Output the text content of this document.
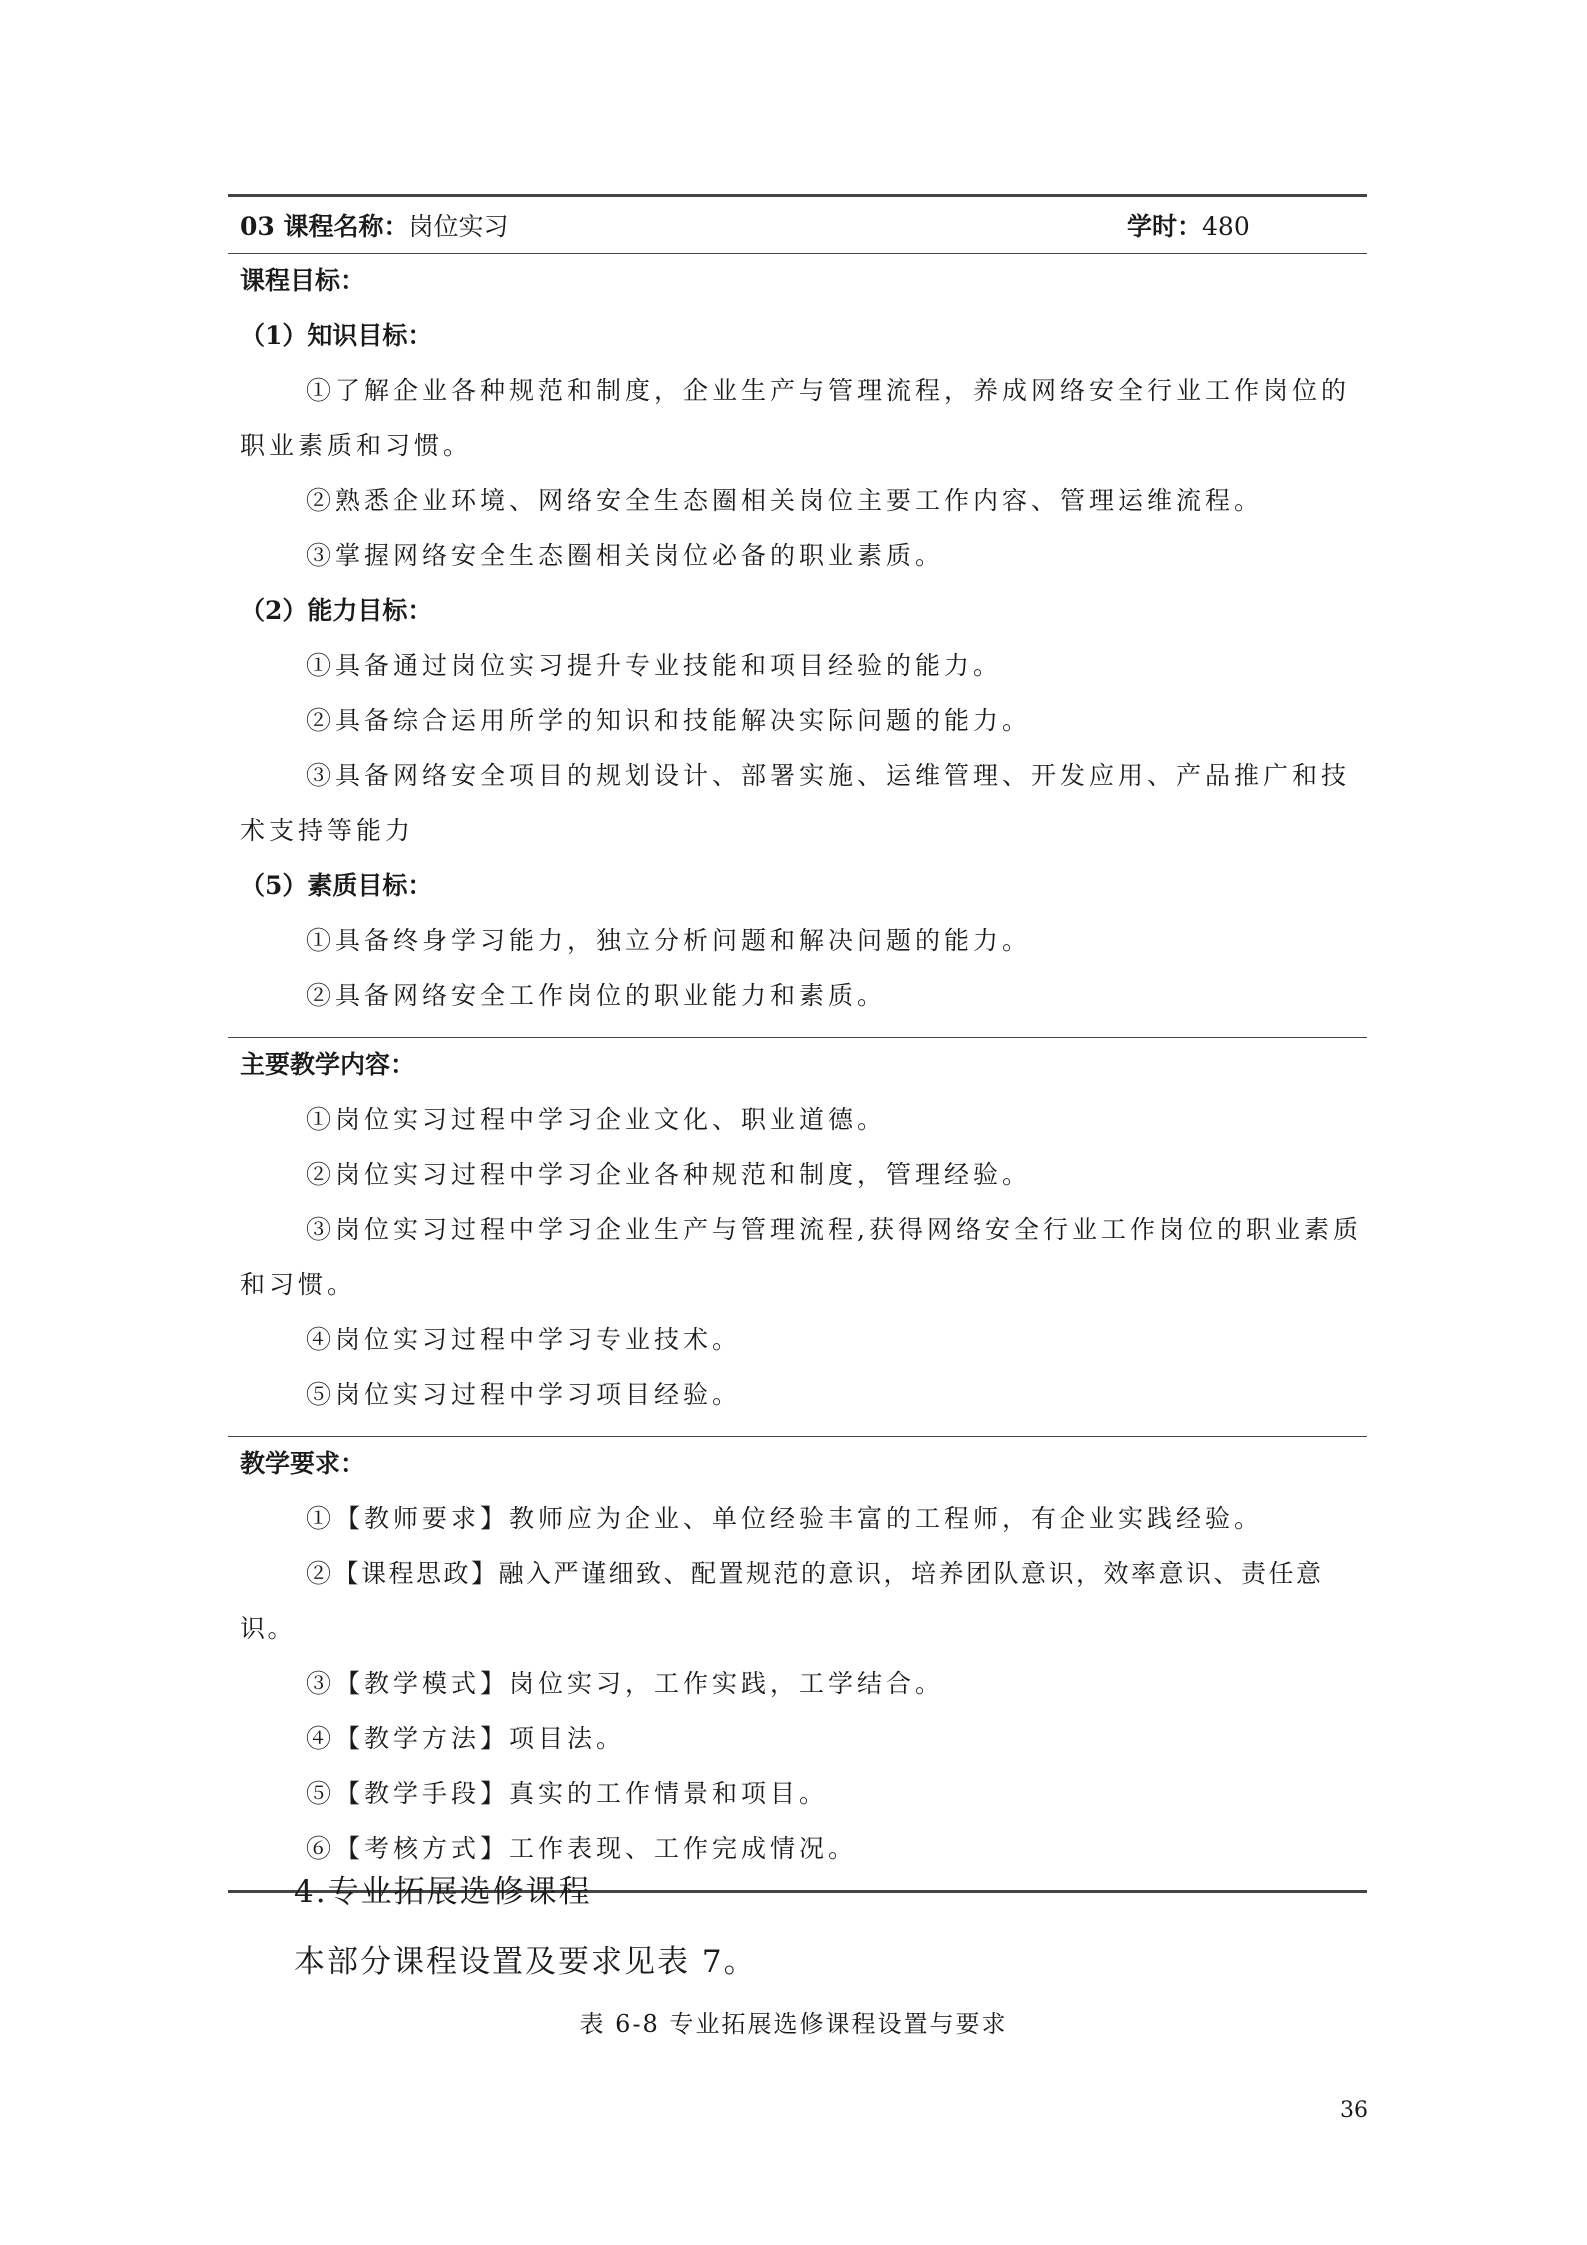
03 课程名称：岗位实习	学时：480
课程目标：
（1）知识目标：
①了解企业各种规范和制度，企业生产与管理流程，养成网络安全行业工作岗位的职业素质和习惯。
②熟悉企业环境、网络安全生态圈相关岗位主要工作内容、管理运维流程。
③掌握网络安全生态圈相关岗位必备的职业素质。
（2）能力目标：
①具备通过岗位实习提升专业技能和项目经验的能力。
②具备综合运用所学的知识和技能解决实际问题的能力。
③具备网络安全项目的规划设计、部署实施、运维管理、开发应用、产品推广和技术支持等能力
（5）素质目标：
①具备终身学习能力，独立分析问题和解决问题的能力。
②具备网络安全工作岗位的职业能力和素质。
主要教学内容：
①岗位实习过程中学习企业文化、职业道德。
②岗位实习过程中学习企业各种规范和制度，管理经验。
③岗位实习过程中学习企业生产与管理流程,获得网络安全行业工作岗位的职业素质和习惯。
④岗位实习过程中学习专业技术。
⑤岗位实习过程中学习项目经验。
教学要求：
①【教师要求】教师应为企业、单位经验丰富的工程师，有企业实践经验。
②【课程思政】融入严谨细致、配置规范的意识，培养团队意识，效率意识、责任意识。
③【教学模式】岗位实习，工作实践，工学结合。
④【教学方法】项目法。
⑤【教学手段】真实的工作情景和项目。
⑥【考核方式】工作表现、工作完成情况。
4.专业拓展选修课程
本部分课程设置及要求见表 7。
表 6-8 专业拓展选修课程设置与要求
36
